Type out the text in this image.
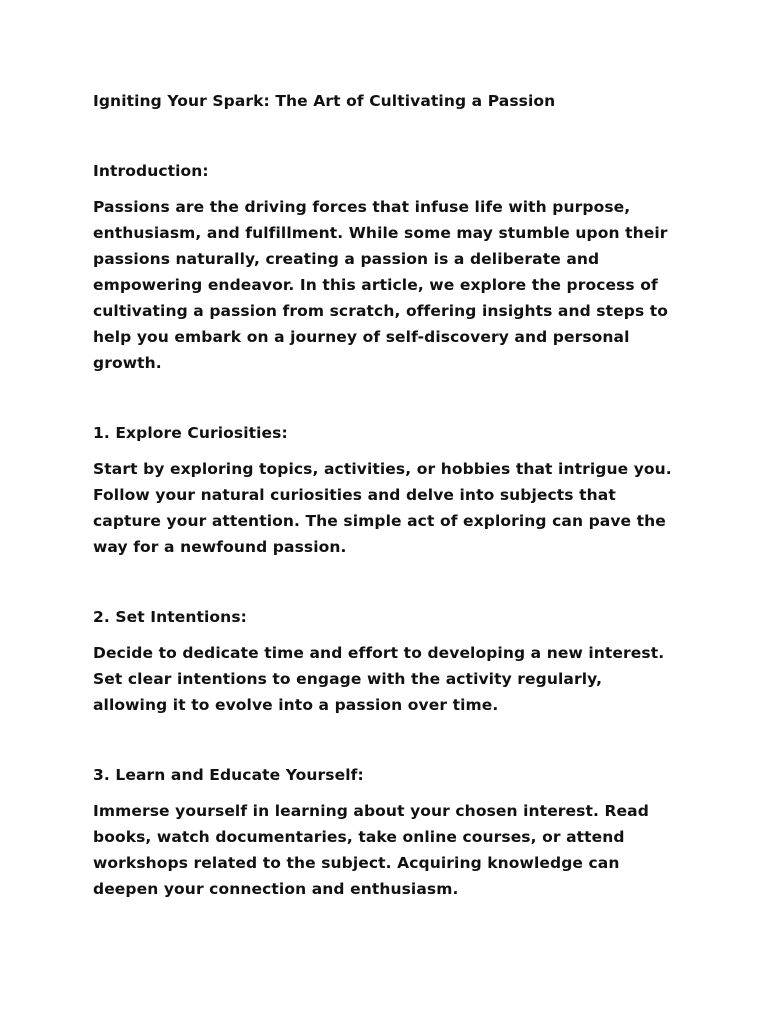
Igniting Your Spark: The Art of Cultivating a Passion
Introduction:
Passions are the driving forces that infuse life with purpose, enthusiasm, and fulfillment. While some may stumble upon their passions naturally, creating a passion is a deliberate and empowering endeavor. In this article, we explore the process of cultivating a passion from scratch, offering insights and steps to help you embark on a journey of self-discovery and personal growth.
1. Explore Curiosities:
Start by exploring topics, activities, or hobbies that intrigue you. Follow your natural curiosities and delve into subjects that capture your attention. The simple act of exploring can pave the way for a newfound passion.
2. Set Intentions:
Decide to dedicate time and effort to developing a new interest. Set clear intentions to engage with the activity regularly, allowing it to evolve into a passion over time.
3. Learn and Educate Yourself:
Immerse yourself in learning about your chosen interest. Read books, watch documentaries, take online courses, or attend workshops related to the subject. Acquiring knowledge can deepen your connection and enthusiasm.
